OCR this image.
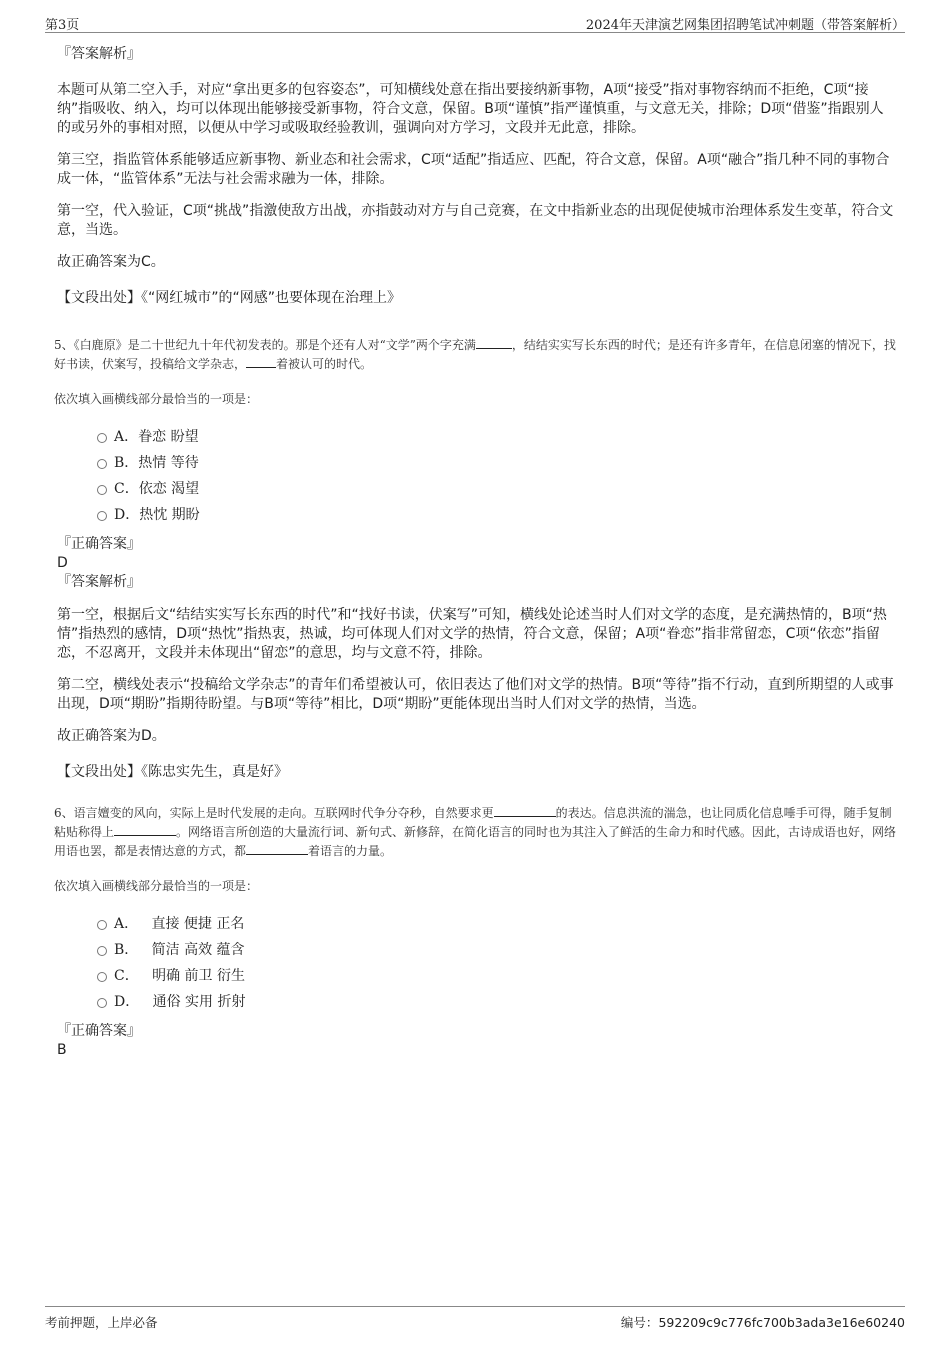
第3页	2024年天津演艺网集团招聘笔试冲刺题（带答案解析）
『答案解析』

本题可从第二空入手，对应“拿出更多的包容姿态”，可知横线处意在指出要接纳新事物，A项“接受”指对事物容纳而不拒绝，C项“接纳”指吸收、纳入，均可以体现出能够接受新事物，符合文意，保留。B项“谨慎”指严谨慎重，与文意无关，排除；D项“借鉴”指跟别人的或另外的事相对照，以便从中学习或吸取经验教训，强调向对方学习，文段并无此意，排除。

第三空，指监管体系能够适应新事物、新业态和社会需求，C项“适配”指适应、匹配，符合文意，保留。A项“融合”指几种不同的事物合成一体，“监管体系”无法与社会需求融为一体，排除。

第一空，代入验证，C项“挑战”指激使敌方出战，亦指鼓动对方与自己竞赛，在文中指新业态的出现促使城市治理体系发生变革，符合文意，当选。

故正确答案为C。

【文段出处】《“网红城市”的“网感”也要体现在治理上》

5、《白鹿原》是二十世纪九十年代初发表的。那是个还有人对“文学”两个字充满	，结结实实写长东西的时代；是还有许多青年，在信息闭塞的情况下，找好书读，伏案写，投稿给文学杂志，	着被认可的时代。

依次填入画横线部分最恰当的一项是：
A．眷恋 盼望
B．热情 等待
C．依恋 渴望
D．热忱 期盼
『正确答案』
D
『答案解析』

第一空，根据后文“结结实实写长东西的时代”和“找好书读，伏案写”可知，横线处论述当时人们对文学的态度，是充满热情的，B项“热情”指热烈的感情，D项“热忱”指热衷，热诚，均可体现人们对文学的热情，符合文意，保留；A项“眷恋”指非常留恋，C项“依恋”指留恋，不忍离开，文段并未体现出“留恋”的意思，均与文意不符，排除。

第二空，横线处表示“投稿给文学杂志”的青年们希望被认可，依旧表达了他们对文学的热情。B项“等待”指不行动，直到所期望的人或事出现，D项“期盼”指期待盼望。与B项“等待”相比，D项“期盼”更能体现出当时人们对文学的热情，当选。

故正确答案为D。

【文段出处】《陈忠实先生，真是好》

6、语言嬗变的风向，实际上是时代发展的走向。互联网时代争分夺秒，自然要求更	的表达。信息洪流的湍急，也让同质化信息唾手可得，随手复制粘贴称得上	。网络语言所创造的大量流行词、新句式、新修辞，在简化语言的同时也为其注入了鲜活的生命力和时代感。因此，古诗成语也好，网络用语也罢，都是表情达意的方式，都	着语言的力量。

依次填入画横线部分最恰当的一项是：
A． 直接 便捷 正名
B． 简洁 高效 蕴含
C． 明确 前卫 衍生
D． 通俗 实用 折射
『正确答案』
B
考前押题，上岸必备	编号：592209c9c776fc700b3ada3e16e60240
